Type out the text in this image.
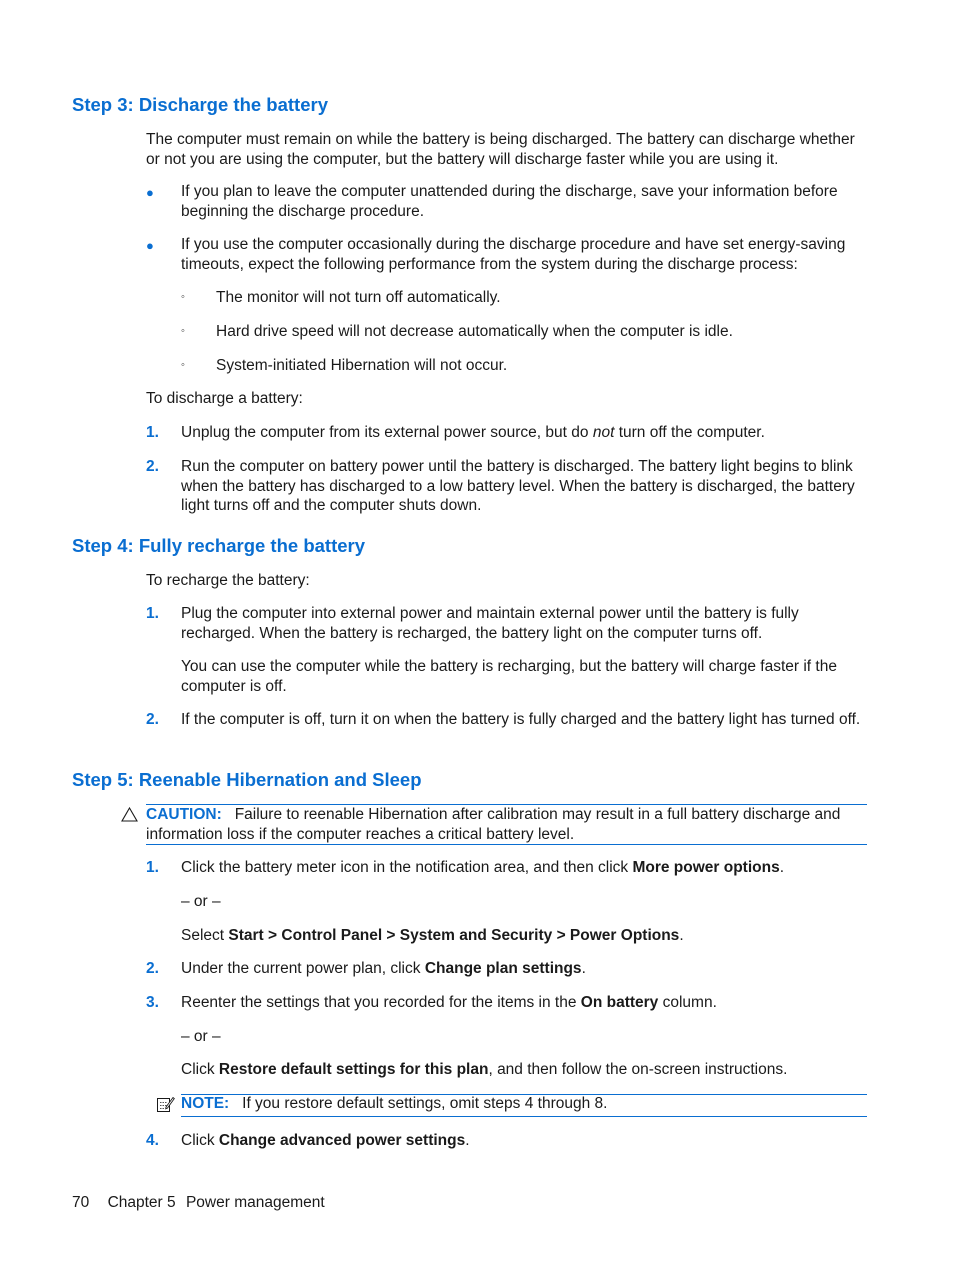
Step 3: Discharge the battery
The computer must remain on while the battery is being discharged. The battery can discharge whether or not you are using the computer, but the battery will discharge faster while you are using it.
● If you plan to leave the computer unattended during the discharge, save your information before beginning the discharge procedure.
● If you use the computer occasionally during the discharge procedure and have set energy-saving timeouts, expect the following performance from the system during the discharge process:
◦ The monitor will not turn off automatically.
◦ Hard drive speed will not decrease automatically when the computer is idle.
◦ System-initiated Hibernation will not occur.
To discharge a battery:
1. Unplug the computer from its external power source, but do not turn off the computer.
2. Run the computer on battery power until the battery is discharged. The battery light begins to blink when the battery has discharged to a low battery level. When the battery is discharged, the battery light turns off and the computer shuts down.
Step 4: Fully recharge the battery
To recharge the battery:
1. Plug the computer into external power and maintain external power until the battery is fully recharged. When the battery is recharged, the battery light on the computer turns off.
You can use the computer while the battery is recharging, but the battery will charge faster if the computer is off.
2. If the computer is off, turn it on when the battery is fully charged and the battery light has turned off.
Step 5: Reenable Hibernation and Sleep
CAUTION: Failure to reenable Hibernation after calibration may result in a full battery discharge and information loss if the computer reaches a critical battery level.
1. Click the battery meter icon in the notification area, and then click More power options.
– or –
Select Start > Control Panel > System and Security > Power Options.
2. Under the current power plan, click Change plan settings.
3. Reenter the settings that you recorded for the items in the On battery column.
– or –
Click Restore default settings for this plan, and then follow the on-screen instructions.
NOTE: If you restore default settings, omit steps 4 through 8.
4. Click Change advanced power settings.
70 Chapter 5 Power management
